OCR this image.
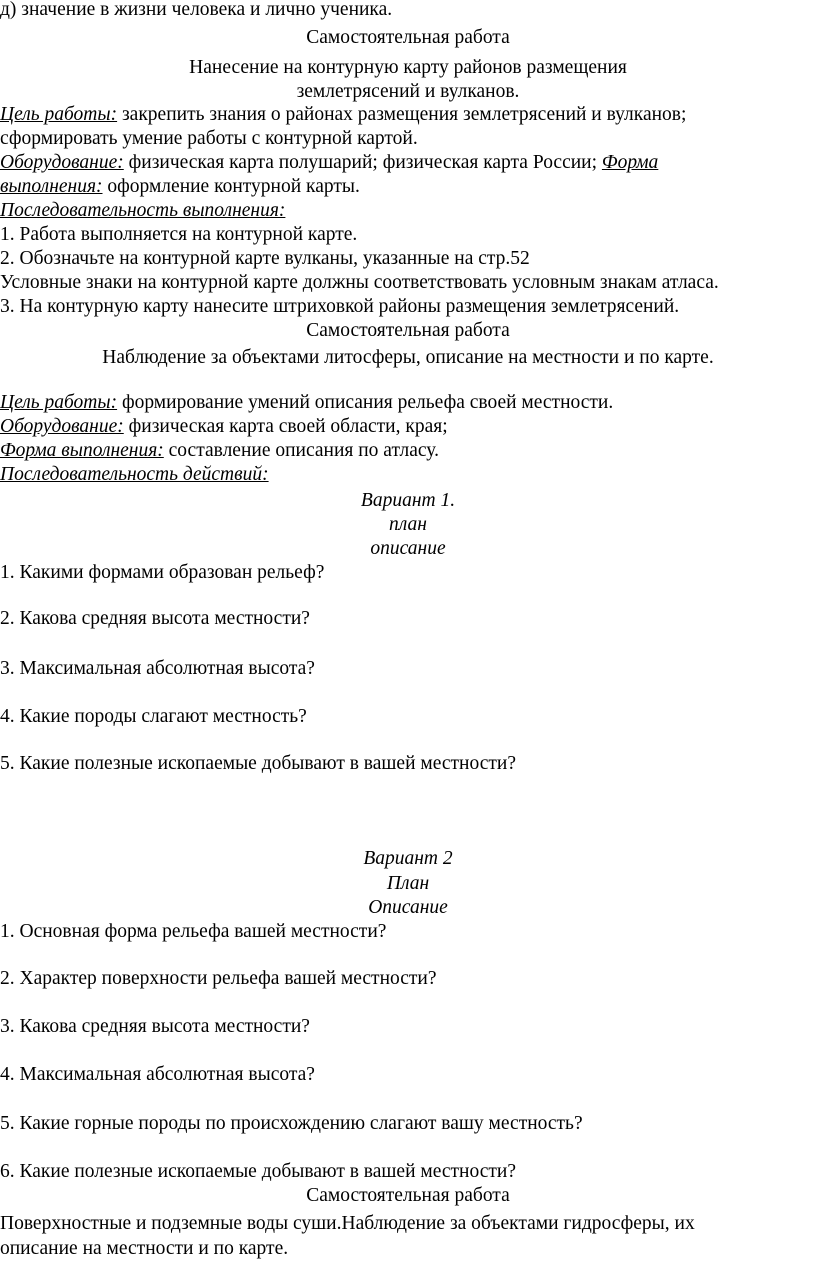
д) значение в жизни человека и лично ученика.

Самостоятельная работа

Нанесение на контурную карту районов размещения

землетрясений и вулканов.

Цель работы: закрепить знания о районах размещения землетрясений и вулканов;

сформировать умение работы с контурной картой.

Оборудование: физическая карта полушарий; физическая карта России; Форма

выполнения: оформление контурной карты.

Последовательность выполнения:

1. Работа выполняется на контурной карте.

2. Обозначьте на контурной карте вулканы, указанные на стр.52

Условные знаки на контурной карте должны соответствовать условным знакам атласа.

3. На контурную карту нанесите штриховкой районы размещения землетрясений.

Самостоятельная работа

Наблюдение за объектами литосферы, описание на местности и по карте.

Цель работы: формирование умений описания рельефа своей местности.

Оборудование: физическая карта своей области, края;

Форма выполнения: составление описания по атласу.

Последовательность действий:

Вариант 1.

план

описание

1. Какими формами образован рельеф?

2. Какова средняя высота местности?

3. Максимальная абсолютная высота?

4. Какие породы слагают местность?

5. Какие полезные ископаемые добывают в вашей местности?

Вариант 2

План

Описание

1. Основная форма рельефа вашей местности?

2. Характер поверхности рельефа вашей местности?

3. Какова средняя высота местности?

4. Максимальная абсолютная высота?

5. Какие горные породы по происхождению слагают вашу местность?

6. Какие полезные ископаемые добывают в вашей местности?

Самостоятельная работа

Поверхностные и подземные воды суши.Наблюдение за объектами гидросферы, их

описание на местности и по карте.
